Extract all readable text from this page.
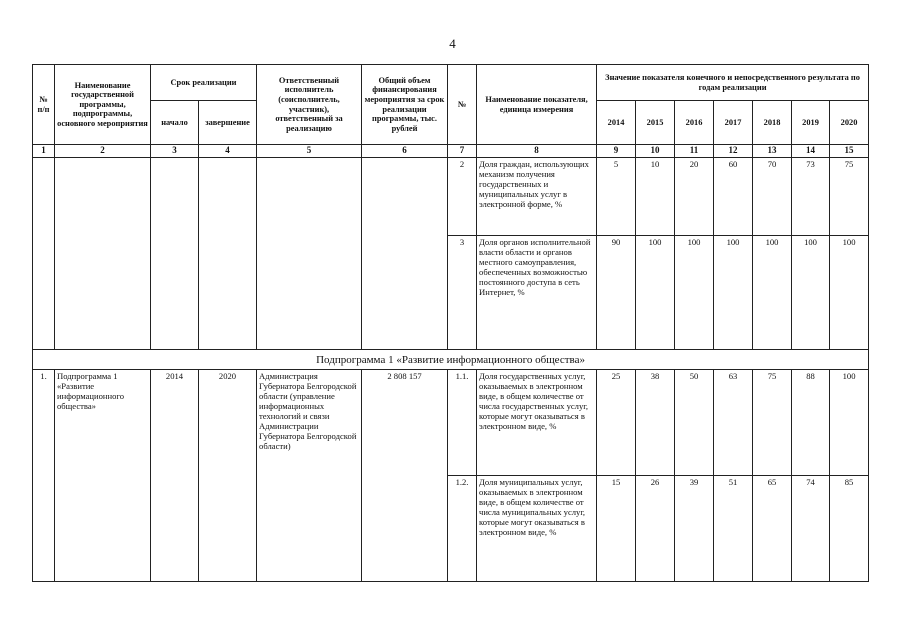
4
№ п/п	Наименование государственной программы, подпрограммы, основного мероприятия	Срок реализации		Ответственный исполнитель (соисполнитель, участник), ответственный за реализацию	Общий объем финансирования мероприятия за срок реализации программы, тыс. рублей	№	Наименование показателя, единица измерения	Значение показателя конечного и непосредственного результата по годам реализации						
		начало	завершение					2014	2015	2016	2017	2018	2019	2020
1	2	3	4	5	6	7	8	9	10	11	12	13	14	15
						2	Доля граждан, использующих механизм получения государственных и муниципальных услуг в электронной форме, %	5	10	20	60	70	73	75
						3	Доля органов исполнительной власти области и органов местного самоуправления, обеспеченных возможностью постоянного доступа в сеть Интернет, %	90	100	100	100	100	100	100
Подпрограмма 1 «Развитие информационного общества»														
1.	Подпрограмма 1 «Развитие информационного общества»	2014	2020	Администрация Губернатора Белгородской области (управление информационных технологий и связи Администрации Губернатора Белгородской области)	2 808 157	1.1.	Доля государственных услуг, оказываемых в электронном виде, в общем количестве от числа государственных услуг, которые могут оказываться в электронном виде, %	25	38	50	63	75	88	100
						1.2.	Доля муниципальных услуг, оказываемых в электронном виде, в общем количестве от числа муниципальных услуг, которые могут оказываться в электронном виде, %	15	26	39	51	65	74	85
